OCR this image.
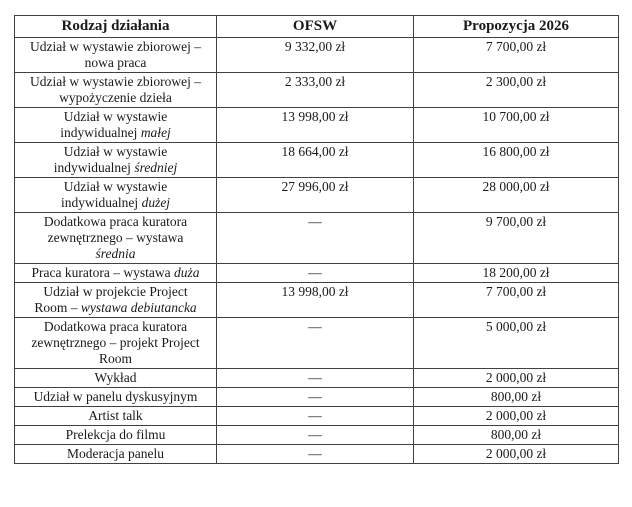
Rodzaj działania	OFSW	Propozycja 2026
Udział w wystawie zbiorowej – nowa praca	9 332,00 zł	7 700,00 zł
Udział w wystawie zbiorowej – wypożyczenie dzieła	2 333,00 zł	2 300,00 zł
Udział w wystawie indywidualnej małej	13 998,00 zł	10 700,00 zł
Udział w wystawie indywidualnej średniej	18 664,00 zł	16 800,00 zł
Udział w wystawie indywidualnej dużej	27 996,00 zł	28 000,00 zł
Dodatkowa praca kuratora zewnętrznego – wystawa średnia	—	9 700,00 zł
Praca kuratora – wystawa duża	—	18 200,00 zł
Udział w projekcie Project Room – wystawa debiutancka	13 998,00 zł	7 700,00 zł
Dodatkowa praca kuratora zewnętrznego – projekt Project Room	—	5 000,00 zł
Wykład	—	2 000,00 zł
Udział w panelu dyskusyjnym	—	800,00 zł
Artist talk	—	2 000,00 zł
Prelekcja do filmu	—	800,00 zł
Moderacja panelu	—	2 000,00 zł
